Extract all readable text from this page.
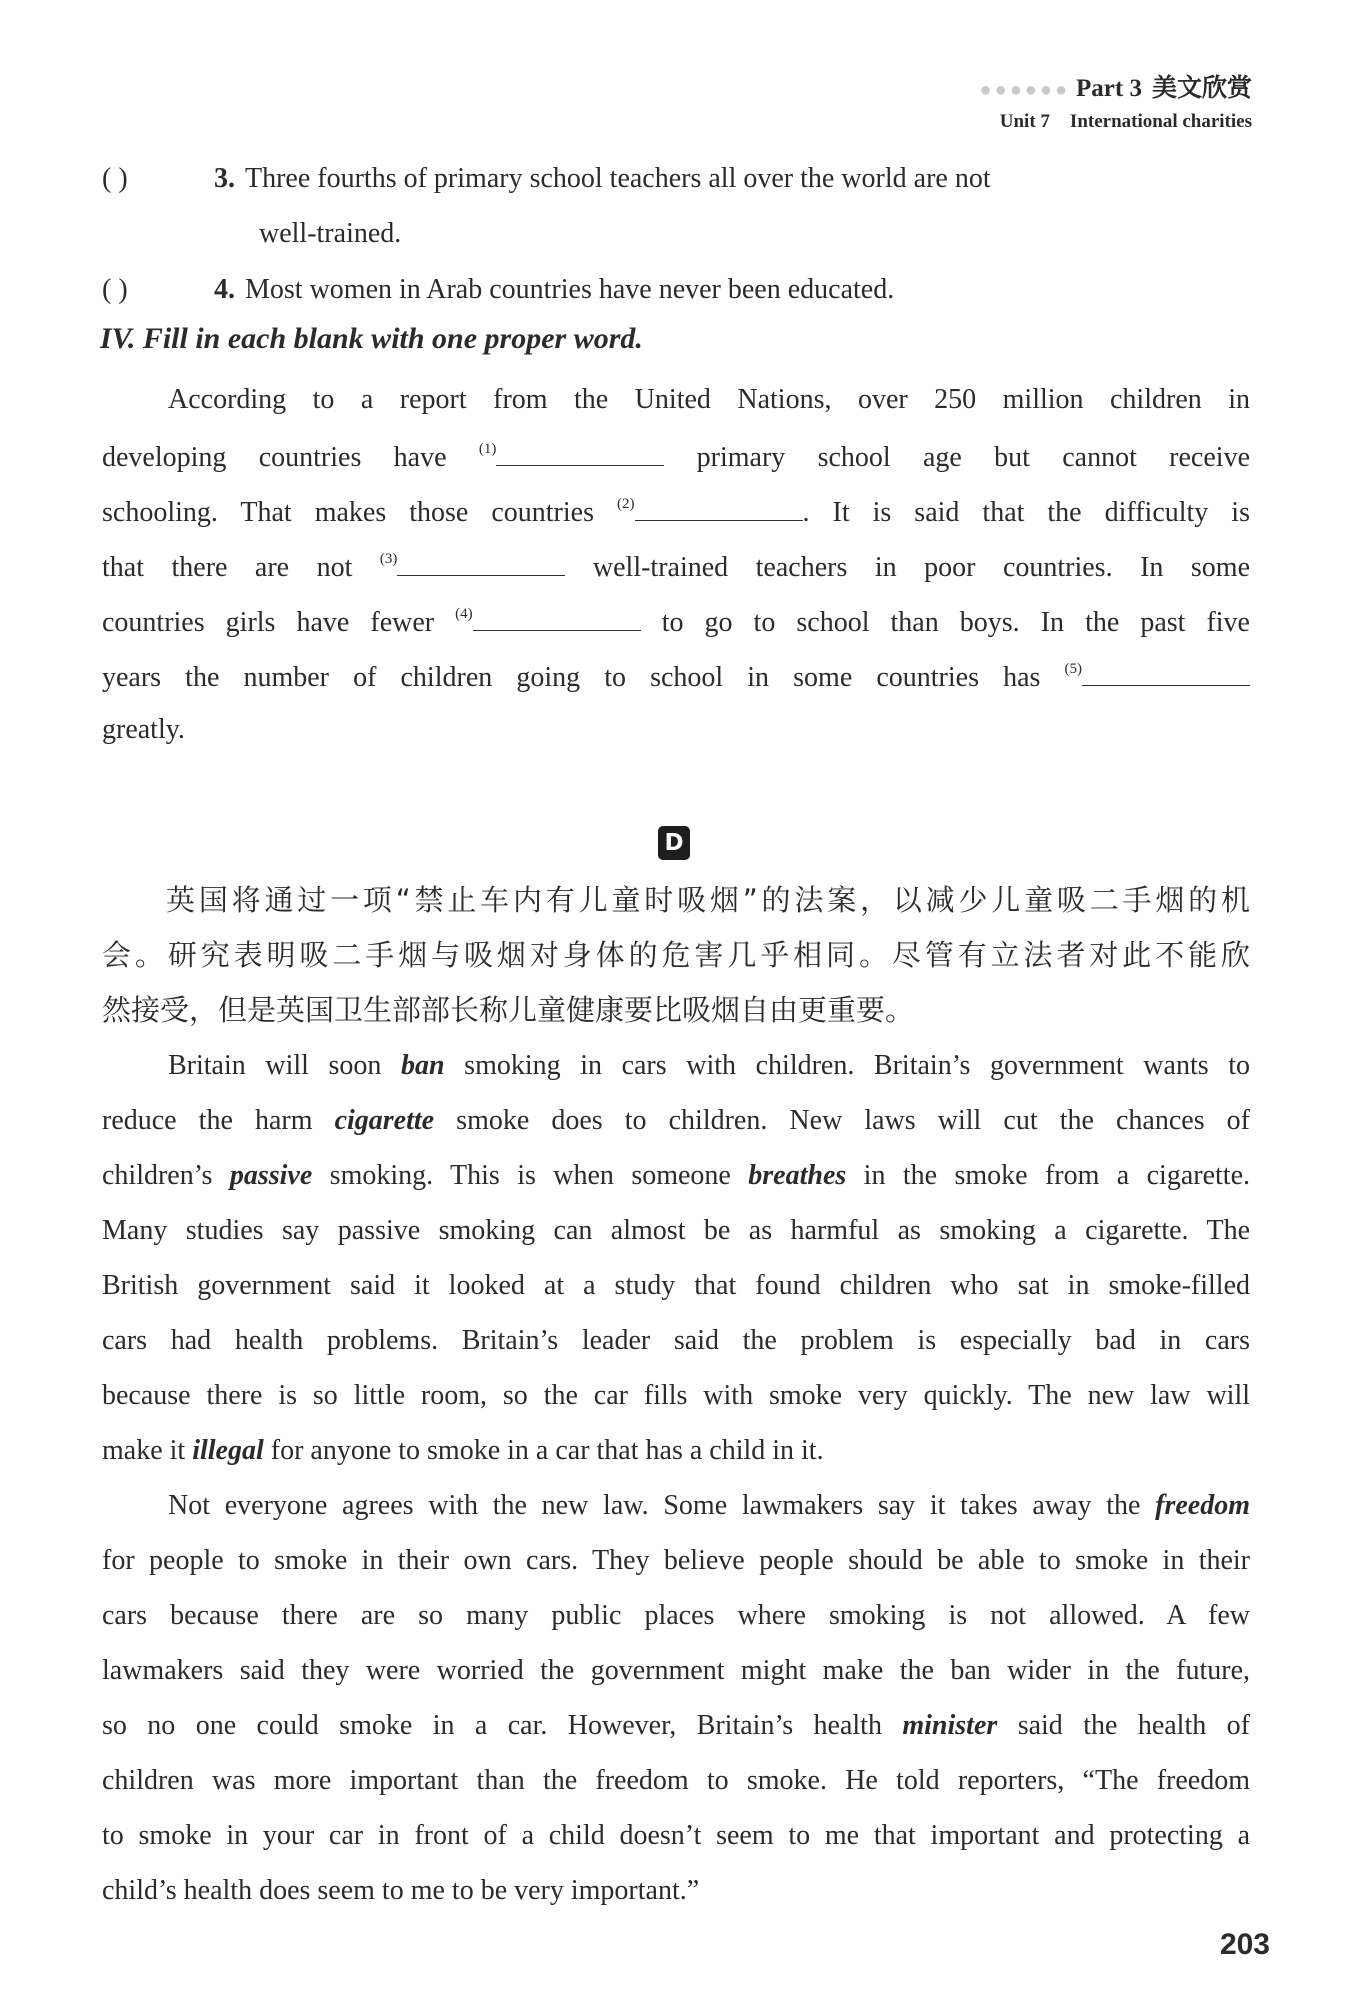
●●●●●● Part 3 美文欣赏
Unit 7 International charities
( )	3. Three fourths of primary school teachers all over the world are not
well-trained.
( )	4. Most women in Arab countries have never been educated.
IV. Fill in each blank with one proper word.
According to a report from the United Nations, over 250 million children in
developing countries have $^{(1)}$	primary school age but cannot receive
schooling. That makes those countries $^{(2)}$	. It is said that the difficulty is
that there are not $^{(3)}$	well-trained teachers in poor countries. In some
countries girls have fewer $^{(4)}$	to go to school than boys. In the past five
years the number of children going to school in some countries has $^{(5)}$
greatly.
D
英国将通过一项“禁止车内有儿童时吸烟”的法案，以减少儿童吸二手烟的机
会。研究表明吸二手烟与吸烟对身体的危害几乎相同。尽管有立法者对此不能欣
然接受，但是英国卫生部部长称儿童健康要比吸烟自由更重要。
Britain will soon ban smoking in cars with children. Britain’s government wants to
reduce the harm cigarette smoke does to children. New laws will cut the chances of
children’s passive smoking. This is when someone breathes in the smoke from a cigarette.
Many studies say passive smoking can almost be as harmful as smoking a cigarette. The
British government said it looked at a study that found children who sat in smoke-filled
cars had health problems. Britain’s leader said the problem is especially bad in cars
because there is so little room, so the car fills with smoke very quickly. The new law will
make it illegal for anyone to smoke in a car that has a child in it.
Not everyone agrees with the new law. Some lawmakers say it takes away the freedom
for people to smoke in their own cars. They believe people should be able to smoke in their
cars because there are so many public places where smoking is not allowed. A few
lawmakers said they were worried the government might make the ban wider in the future,
so no one could smoke in a car. However, Britain’s health minister said the health of
children was more important than the freedom to smoke. He told reporters, “The freedom
to smoke in your car in front of a child doesn’t seem to me that important and protecting a
child’s health does seem to me to be very important.”
203
